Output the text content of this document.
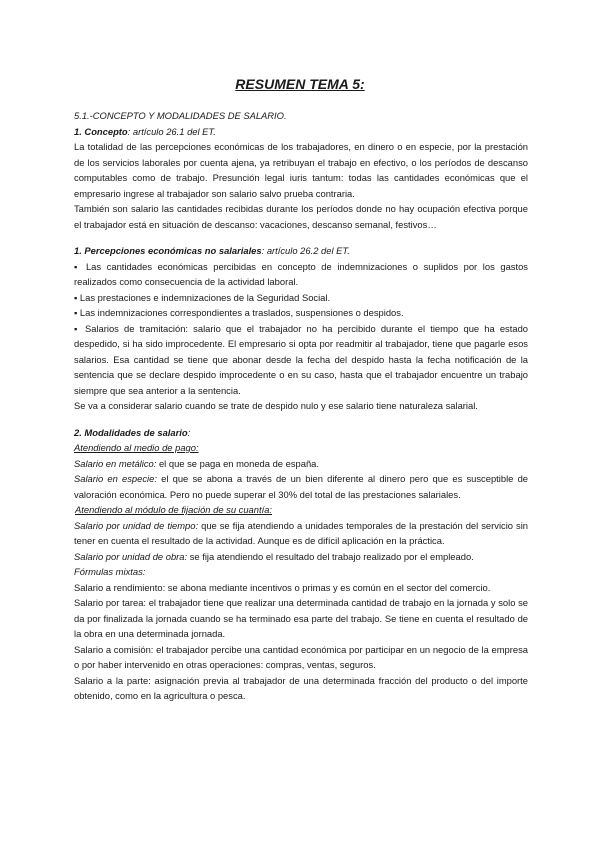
RESUMEN TEMA 5:

5.1.-CONCEPTO Y MODALIDADES DE SALARIO.

1. Concepto: artículo 26.1 del ET.

La totalidad de las percepciones económicas de los trabajadores, en dinero o en especie, por la prestación de los servicios laborales por cuenta ajena, ya retribuyan el trabajo en efectivo, o los períodos de descanso computables como de trabajo. Presunción legal iuris tantum: todas las cantidades económicas que el empresario ingrese al trabajador son salario salvo prueba contraria.

También son salario las cantidades recibidas durante los períodos donde no hay ocupación efectiva porque el trabajador está en situación de descanso: vacaciones, descanso semanal, festivos…

1. Percepciones económicas no salariales: artículo 26.2 del ET.

▪ Las cantidades económicas percibidas en concepto de indemnizaciones o suplidos por los gastos realizados como consecuencia de la actividad laboral.

▪ Las prestaciones e indemnizaciones de la Seguridad Social.

▪ Las indemnizaciones correspondientes a traslados, suspensiones o despidos.

▪ Salarios de tramitación: salario que el trabajador no ha percibido durante el tiempo que ha estado despedido, si ha sido improcedente. El empresario si opta por readmitir al trabajador, tiene que pagarle esos salarios. Esa cantidad se tiene que abonar desde la fecha del despido hasta la fecha notificación de la sentencia que se declare despido improcedente o en su caso, hasta que el trabajador encuentre un trabajo siempre que sea anterior a la sentencia.

Se va a considerar salario cuando se trate de despido nulo y ese salario tiene naturaleza salarial.

2. Modalidades de salario:

Atendiendo al medio de pago:

Salario en metálico: el que se paga en moneda de españa.

Salario en especie: el que se abona a través de un bien diferente al dinero pero que es susceptible de valoración económica. Pero no puede superar el 30% del total de las prestaciones salariales.

Atendiendo al módulo de fijación de su cuantía:

Salario por unidad de tiempo: que se fija atendiendo a unidades temporales de la prestación del servicio sin tener en cuenta el resultado de la actividad. Aunque es de difícil aplicación en la práctica.

Salario por unidad de obra: se fija atendiendo el resultado del trabajo realizado por el empleado.

Fórmulas mixtas:

Salario a rendimiento: se abona mediante incentivos o primas y es común en el sector del comercio.

Salario por tarea: el trabajador tiene que realizar una determinada cantidad de trabajo en la jornada y solo se da por finalizada la jornada cuando se ha terminado esa parte del trabajo. Se tiene en cuenta el resultado de la obra en una determinada jornada.

Salario a comisión: el trabajador percibe una cantidad económica por participar en un negocio de la empresa o por haber intervenido en otras operaciones: compras, ventas, seguros.

Salario a la parte: asignación previa al trabajador de una determinada fracción del producto o del importe obtenido, como en la agricultura o pesca.
